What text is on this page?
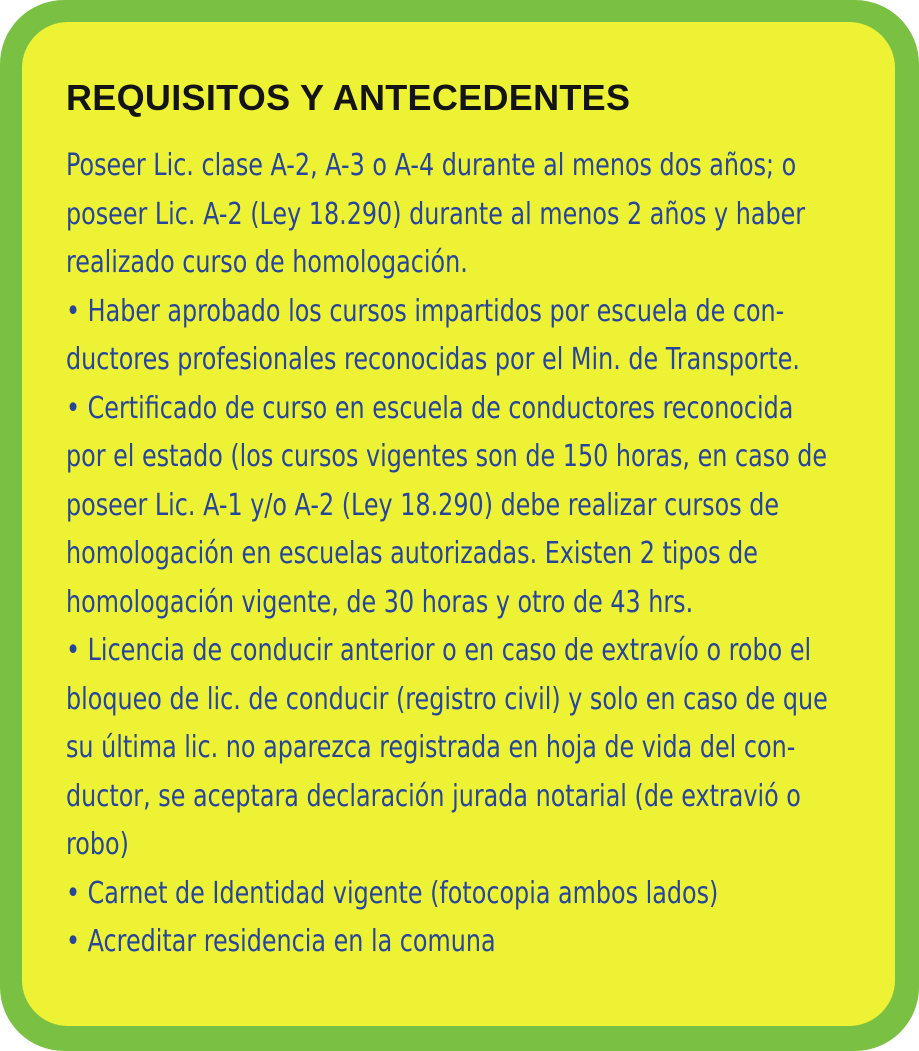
REQUISITOS Y ANTECEDENTES
Poseer Lic. clase A-2, A-3 o A-4 durante al menos dos años; o
poseer Lic. A-2 (Ley 18.290) durante al menos 2 años y haber
realizado curso de homologación.
• Haber aprobado los cursos impartidos por escuela de con-
ductores profesionales reconocidas por el Min. de Transporte.
• Certificado de curso en escuela de conductores reconocida
por el estado (los cursos vigentes son de 150 horas, en caso de
poseer Lic. A-1 y/o A-2 (Ley 18.290) debe realizar cursos de
homologación en escuelas autorizadas. Existen 2 tipos de
homologación vigente, de 30 horas y otro de 43 hrs.
• Licencia de conducir anterior o en caso de extravío o robo el
bloqueo de lic. de conducir (registro civil) y solo en caso de que
su última lic. no aparezca registrada en hoja de vida del con-
ductor, se aceptara declaración jurada notarial (de extravió o
robo)
• Carnet de Identidad vigente (fotocopia ambos lados)
• Acreditar residencia en la comuna
